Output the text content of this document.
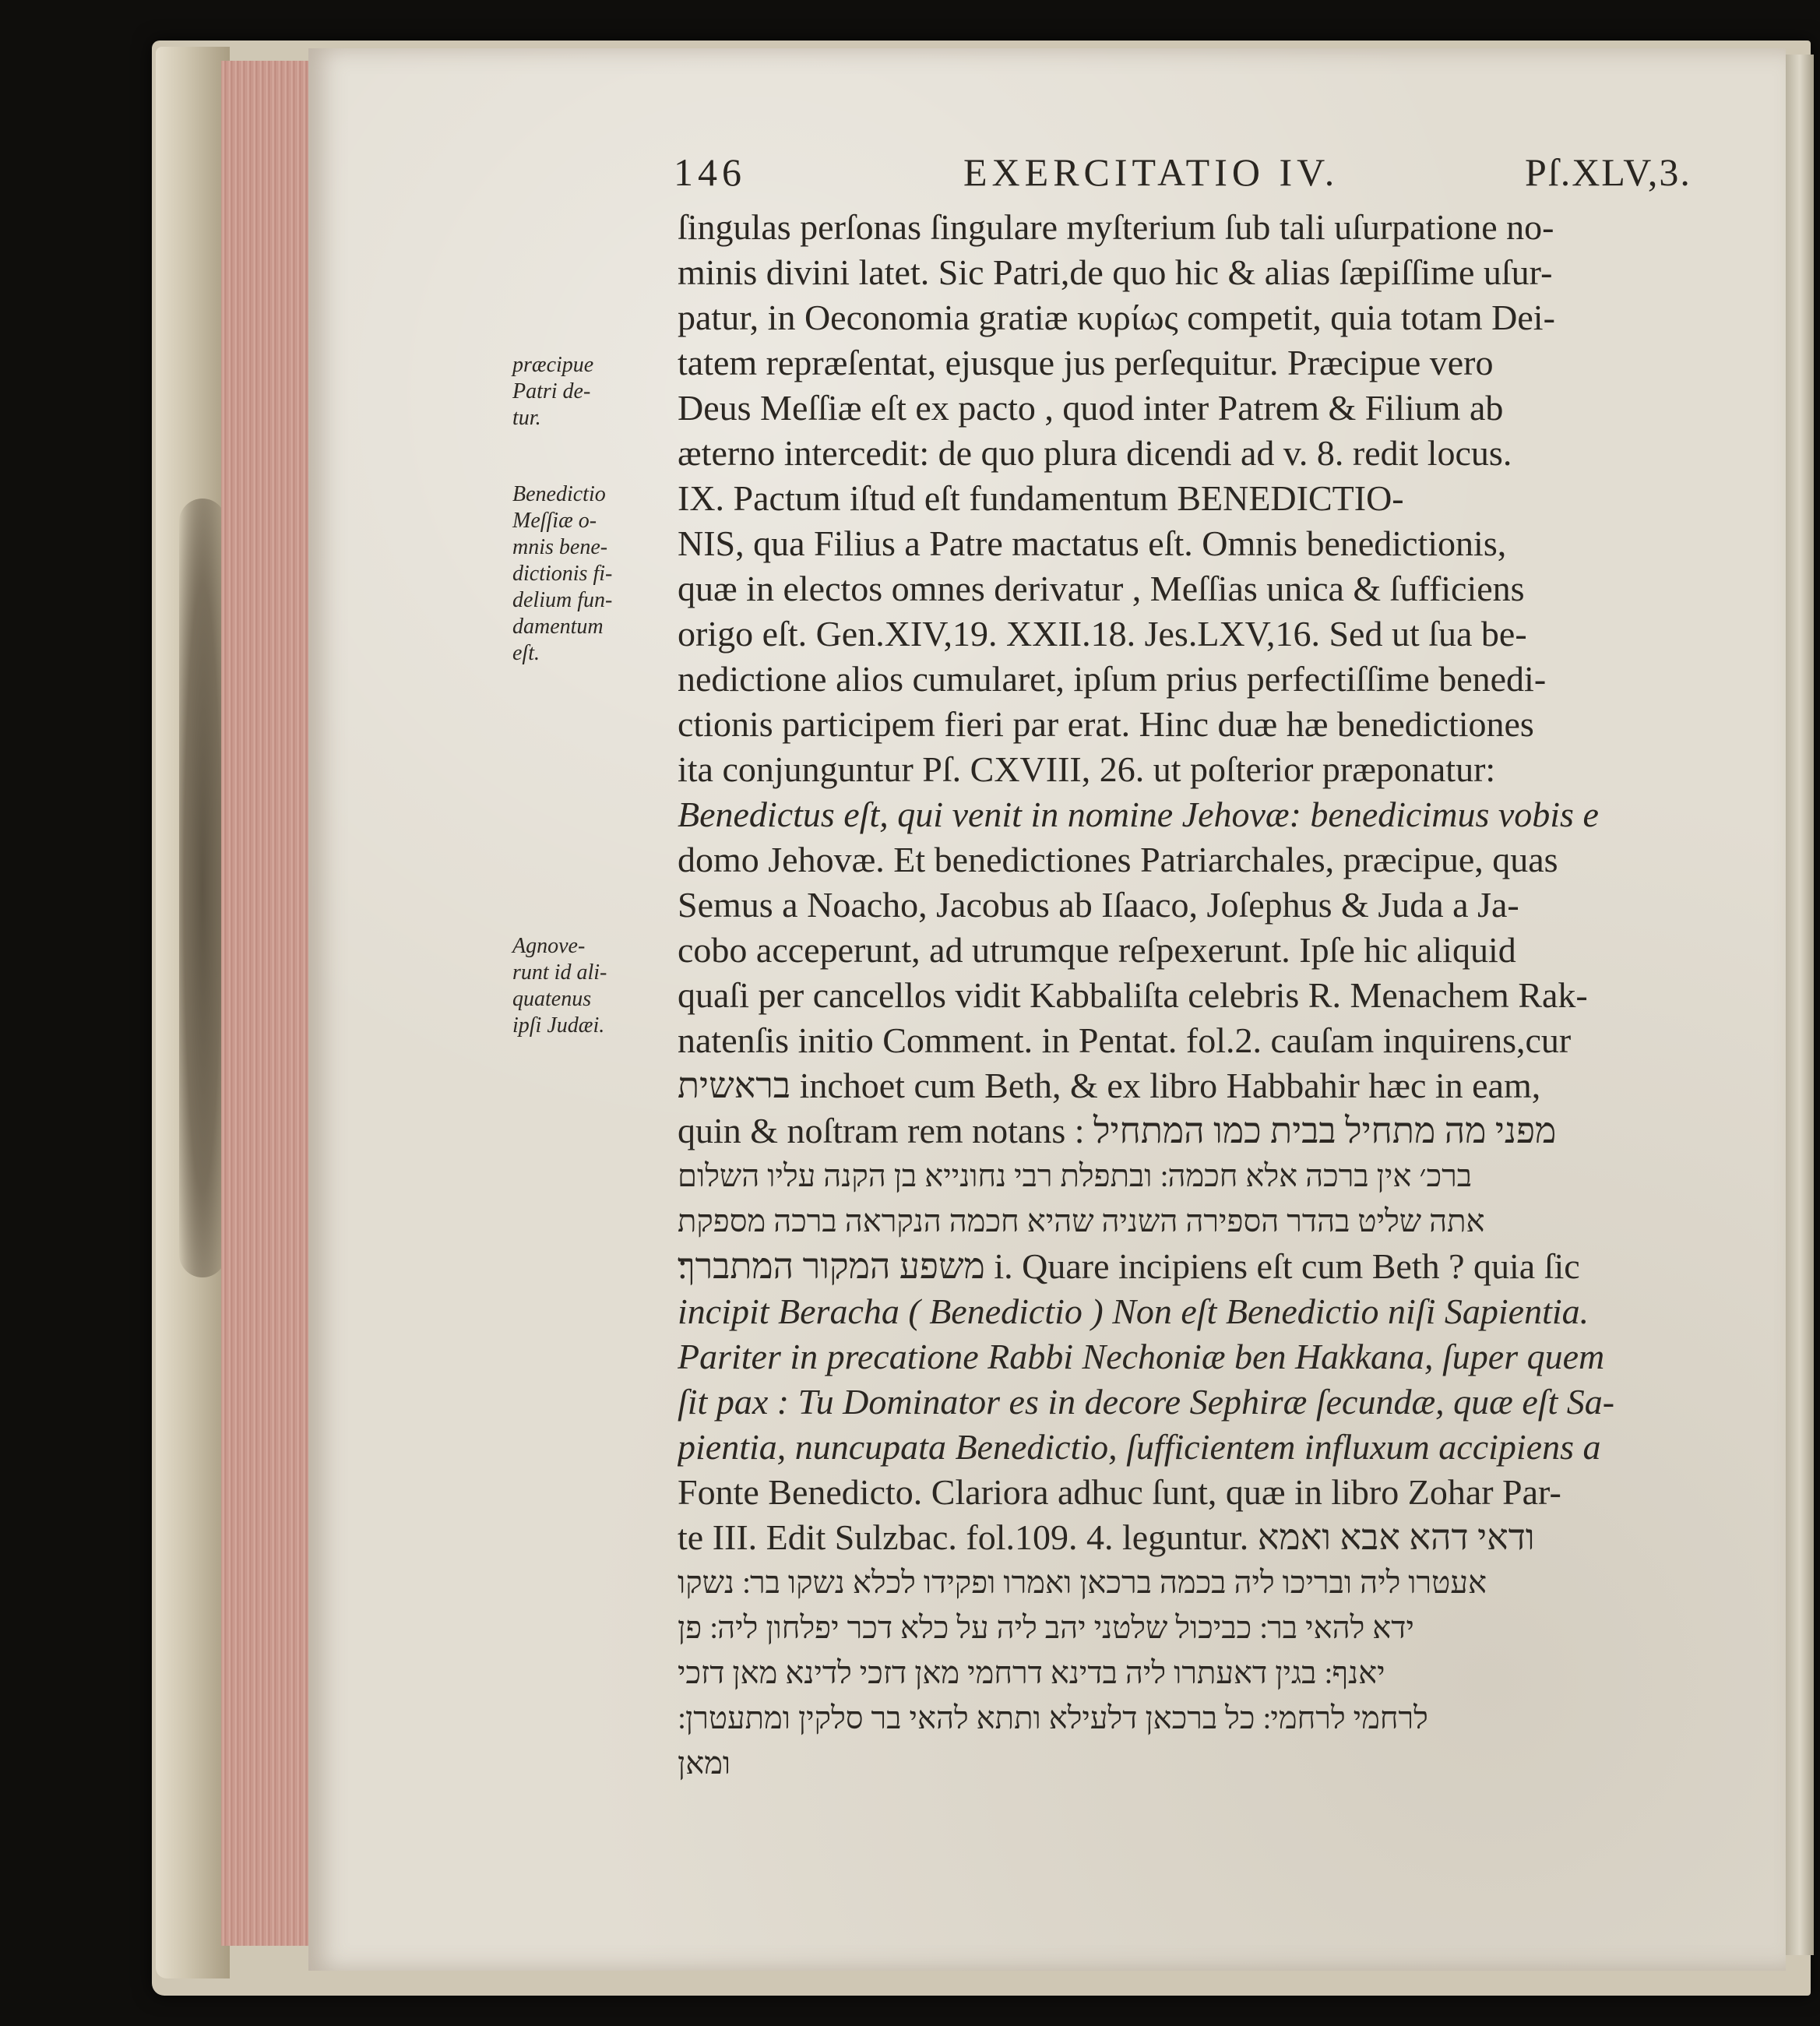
146	EXERCITATIO IV.	Pſ.XLV,3.
præcipue
Patri de-
tur.
Benedictio
Meſſiæ o-
mnis bene-
dictionis fi-
delium fun-
damentum
eſt.
Agnove-
runt id ali-
quatenus
ipſi Judæi.
ſingulas perſonas ſingulare myſterium ſub tali uſurpatione no-
minis divini latet. Sic Patri,de quo hic & alias ſæpiſſime uſur-
patur, in Oeconomia gratiæ κυρίως competit, quia totam Dei-
tatem repræſentat, ejusque jus perſequitur. Præcipue vero
Deus Meſſiæ eſt ex pacto , quod inter Patrem & Filium ab
æterno intercedit: de quo plura dicendi ad v. 8. redit locus.
IX. Pactum iſtud eſt fundamentum BENEDICTIO-
NIS, qua Filius a Patre mactatus eſt. Omnis benedictionis,
quæ in electos omnes derivatur , Meſſias unica & ſufficiens
origo eſt. Gen.XIV,19. XXII.18. Jes.LXV,16. Sed ut ſua be-
nedictione alios cumularet, ipſum prius perfectiſſime benedi-
ctionis participem fieri par erat. Hinc duæ hæ benedictiones
ita conjunguntur Pſ. CXVIII, 26. ut poſterior præponatur:
Benedictus eſt, qui venit in nomine Jehovæ: benedicimus vobis e
domo Jehovæ. Et benedictiones Patriarchales, præcipue, quas
Semus a Noacho, Jacobus ab Iſaaco, Joſephus & Juda a Ja-
cobo acceperunt, ad utrumque reſpexerunt. Ipſe hic aliquid
quaſi per cancellos vidit Kabbaliſta celebris R. Menachem Rak-
natenſis initio Comment. in Pentat. fol.2. cauſam inquirens,cur
בראשית inchoet cum Beth, & ex libro Habbahir hæc in eam,
quin & noſtram rem notans : מפני מה מתחיל בבית כמו המתחיל
ברכ׳ אין ברכה אלא חכמה ׃ ובתפלת רבי נחונייא בן הקנה עליו השלום
אתה שליט בהדר הספירה השניה שהיא חכמה הנקראה ברכה מספקת
משפע המקור המתברך׃ i. Quare incipiens eſt cum Beth ? quia ſic
incipit Beracha ( Benedictio ) Non eſt Benedictio niſi Sapientia.
Pariter in precatione Rabbi Nechoniæ ben Hakkana, ſuper quem
ſit pax : Tu Dominator es in decore Sephiræ ſecundæ, quæ eſt Sa-
pientia, nuncupata Benedictio, ſufficientem influxum accipiens a
Fonte Benedicto. Clariora adhuc ſunt, quæ in libro Zohar Par-
te III. Edit Sulzbac. fol.109. 4. leguntur. ודאי דהא אבא ואמא
אעטרו ליה ובריכו ליה בכמה ברכאן ואמרו ופקידו לכלא נשקו בר ׃ נשקו
ידא להאי בר ׃ כביכול שלטני יהב ליה על כלא דכר יפלחון ליה ׃ פן
יאנף ׃ בגין דאעתרו ליה בדינא דרחמי מאן דזכי לדינא מאן דזכי
לרחמי לרחמי ׃ כל ברכאן דלעילא ותתא להאי בר סלקין ומתעטרן ׃
ומאן
